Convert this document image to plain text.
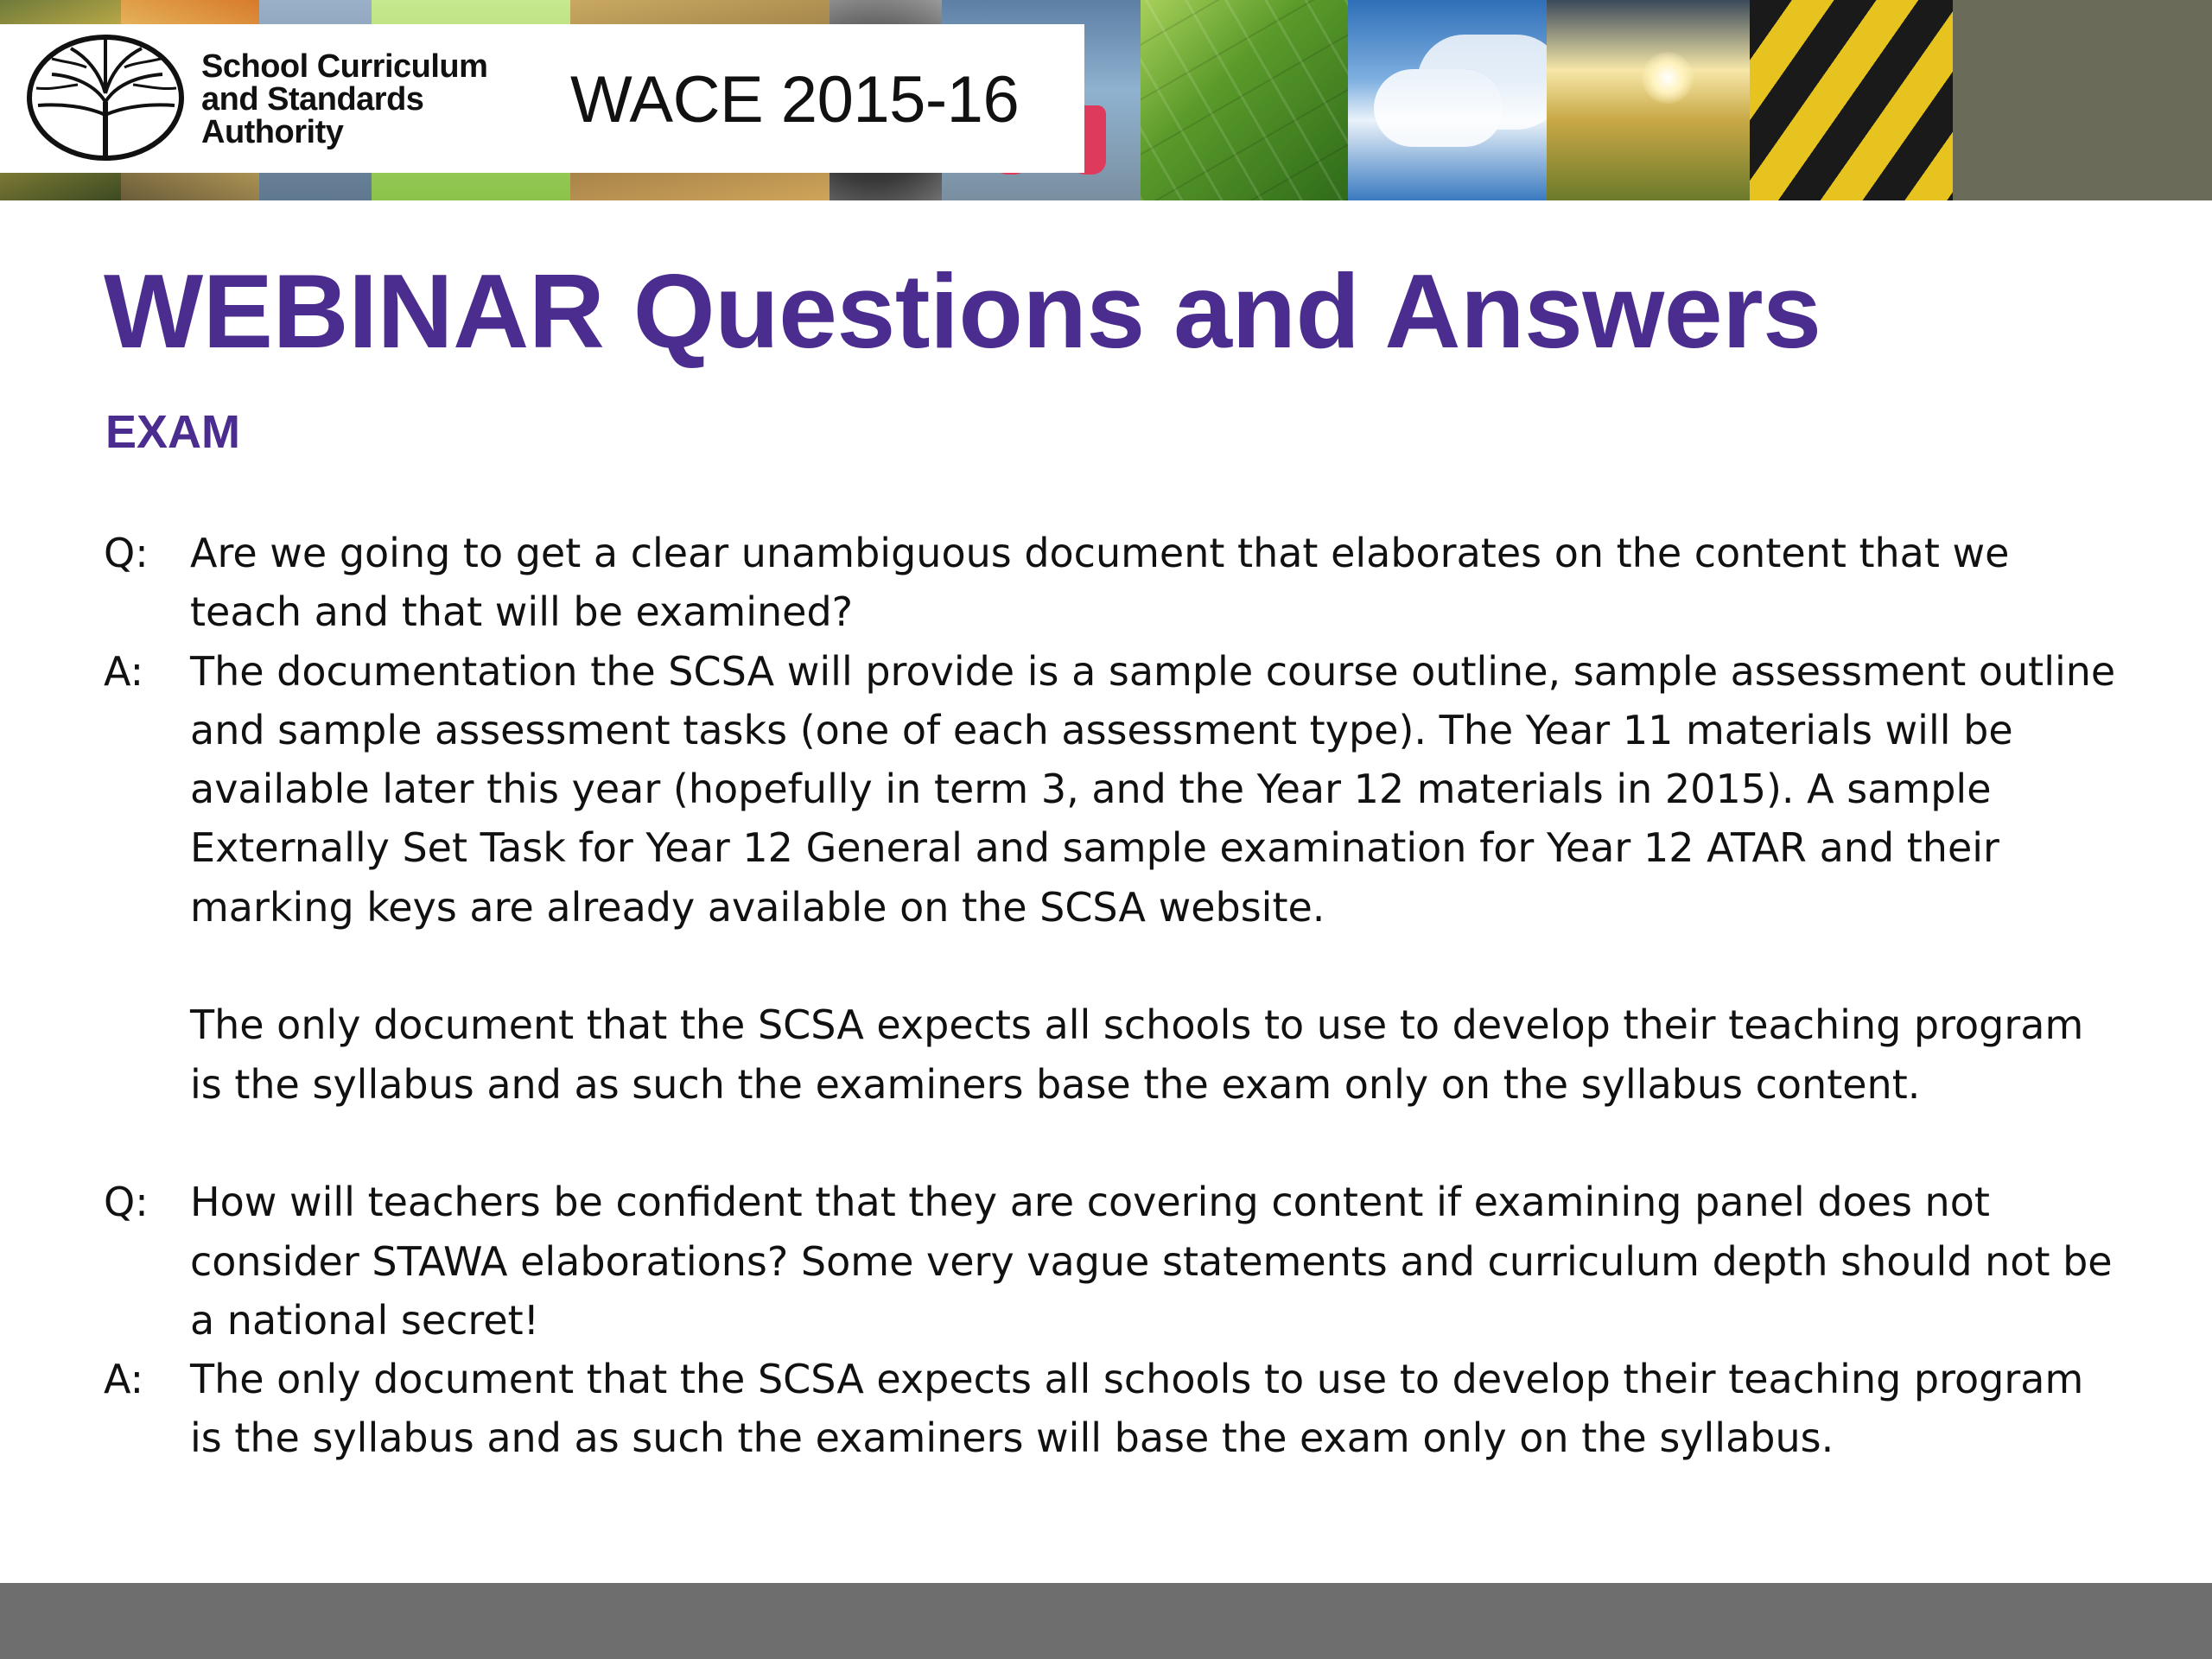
School Curriculum
and Standards
Authority	WACE 2015-16
WEBINAR Questions and Answers
EXAM
Q:	Are we going to get a clear unambiguous document that elaborates on the content that we teach and that will be examined?
A:	The documentation the SCSA will provide is a sample course outline, sample assessment outline and sample assessment tasks (one of each assessment type). The Year 11 materials will be available later this year (hopefully in term 3, and the Year 12 materials in 2015). A sample Externally Set Task for Year 12 General and sample examination for Year 12 ATAR and their marking keys are already available on the SCSA website.
The only document that the SCSA expects all schools to use to develop their teaching program is the syllabus and as such the examiners base the exam only on the syllabus content.
Q:	How will teachers be confident that they are covering content if examining panel does not consider STAWA elaborations? Some very vague statements and curriculum depth should not be a national secret!
A:	The only document that the SCSA expects all schools to use to develop their teaching program is the syllabus and as such the examiners will base the exam only on the syllabus.
